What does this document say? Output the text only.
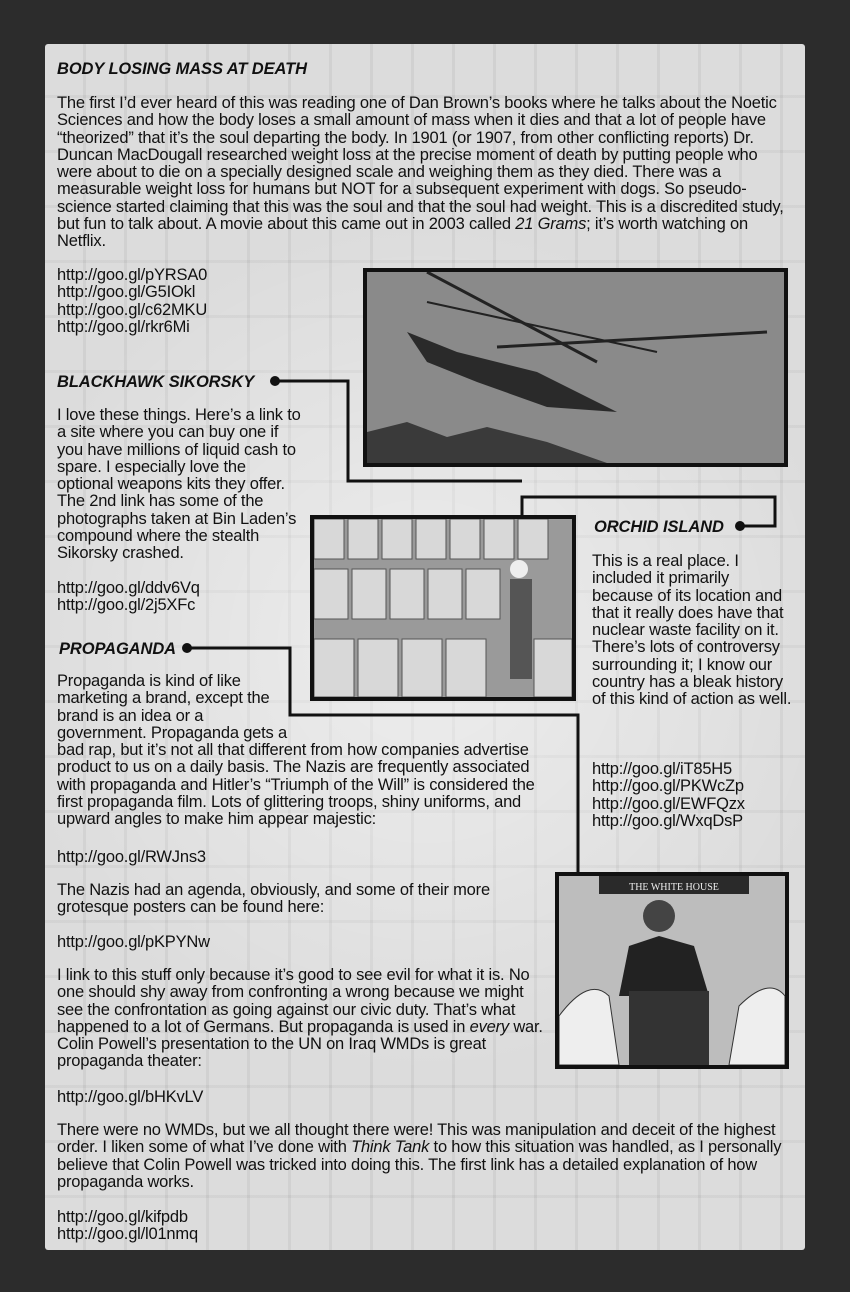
THE WHITE HOUSE
BODY LOSING MASS AT DEATH
The first I’d ever heard of this was reading one of Dan Brown’s books where he talks about the Noetic Sciences and how the body loses a small amount of mass when it dies and that a lot of people have “theorized” that it’s the soul departing the body. In 1901 (or 1907, from other conflicting reports) Dr. Duncan MacDougall researched weight loss at the precise moment of death by putting people who were about to die on a specially designed scale and weighing them as they died. There was a measurable weight loss for humans but NOT for a subsequent experiment with dogs. So pseudo-science started claiming that this was the soul and that the soul had weight. This is a discredited study, but fun to talk about. A movie about this came out in 2003 called 21 Grams; it’s worth watching on Netflix.
http://goo.gl/pYRSA0
http://goo.gl/G5IOkl
http://goo.gl/c62MKU
http://goo.gl/rkr6Mi
BLACKHAWK SIKORSKY
I love these things. Here’s a link to a site where you can buy one if you have millions of liquid cash to spare. I especially love the optional weapons kits they offer. The 2nd link has some of the photographs taken at Bin Laden’s compound where the stealth Sikorsky crashed.
http://goo.gl/ddv6Vq
http://goo.gl/2j5XFc
ORCHID ISLAND
This is a real place. I included it primarily because of its location and that it really does have that nuclear waste facility on it. There’s lots of controversy surrounding it; I know our country has a bleak history of this kind of action as well.
http://goo.gl/iT85H5
http://goo.gl/PKWcZp
http://goo.gl/EWFQzx
http://goo.gl/WxqDsP
PROPAGANDA
Propaganda is kind of like marketing a brand, except the brand is an idea or a government. Propaganda gets a bad rap, but it’s not all that different from how companies advertise product to us on a daily basis. The Nazis are frequently associated with propaganda and Hitler’s “Triumph of the Will” is considered the first propaganda film. Lots of glittering troops, shiny uniforms, and upward angles to make him appear majestic:
http://goo.gl/RWJns3
The Nazis had an agenda, obviously, and some of their more grotesque posters can be found here:
http://goo.gl/pKPYNw
I link to this stuff only because it’s good to see evil for what it is. No one should shy away from confronting a wrong because we might see the confrontation as going against our civic duty. That’s what happened to a lot of Germans. But propaganda is used in every war. Colin Powell’s presentation to the UN on Iraq WMDs is great propaganda theater:
http://goo.gl/bHKvLV
There were no WMDs, but we all thought there were! This was manipulation and deceit of the highest order. I liken some of what I’ve done with Think Tank to how this situation was handled, as I personally believe that Colin Powell was tricked into doing this. The first link has a detailed explanation of how propaganda works.
http://goo.gl/kifpdb
http://goo.gl/l01nmq
